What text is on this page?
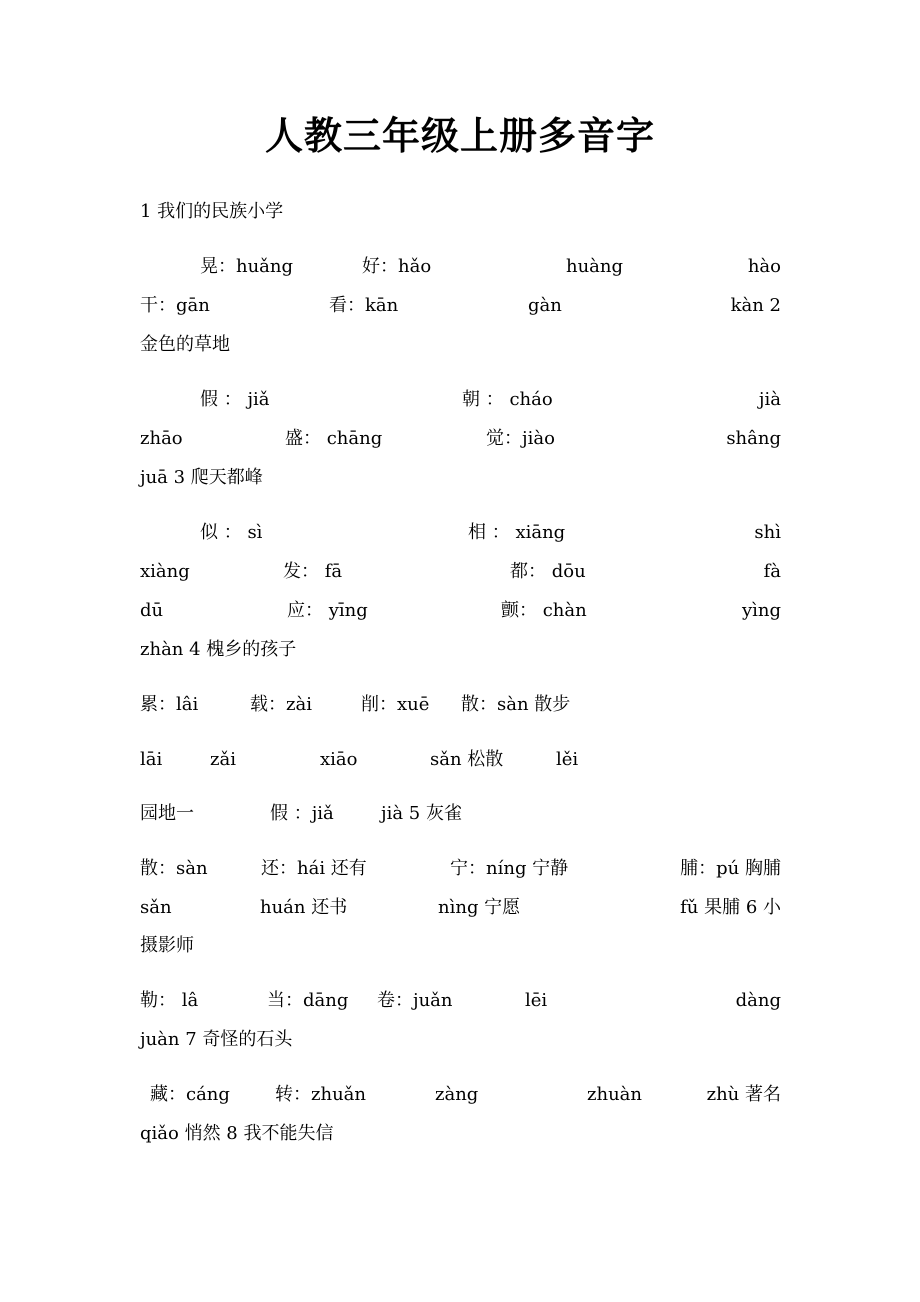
人教三年级上册多音字
1 我们的民族小学
晃：huǎng	好：hǎo	huàng	hào
干：gān	看：kān	gàn	kàn 2
金色的草地
假 ： jiǎ	朝 ： cháo	jià
zhāo	盛： chāng	觉：jiào	shâng
juā 3 爬天都峰
似 ： sì	相 ： xiāng	shì
xiàng	发： fā	都： dōu	fà
dū	应： yīng	颤： chàn	yìng
zhàn 4 槐乡的孩子
累：lâi	载：zài	削：xuē 散：sàn 散步
lāi	zǎi	xiāo	sǎn 松散	lěi
园地一	假 ：jiǎ	jià 5 灰雀
散：sàn	还：hái 还有	宁：níng 宁静	脯：pú 胸脯
sǎn	huán 还书	nìng 宁愿	fǔ 果脯 6 小
摄影师
勒： lâ	当：dāng 卷：juǎn	lēi	dàng
juàn 7 奇怪的石头
藏：cáng	转：zhuǎn	zàng	zhuàn	zhù 著名
qiǎo 悄然 8 我不能失信
